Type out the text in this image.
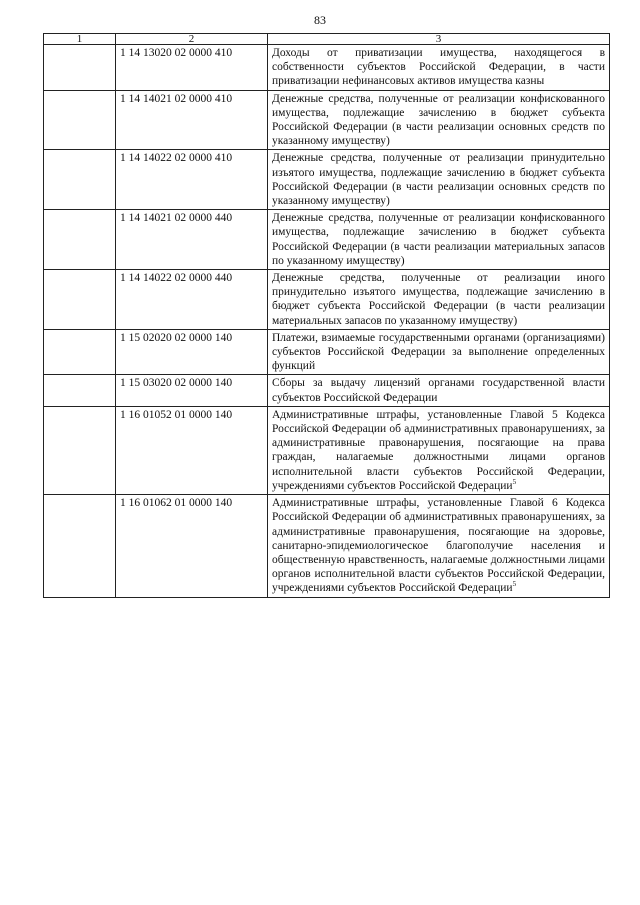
83
1	2	3
	1 14 13020 02 0000 410	Доходы от приватизации имущества, находящегося в собственности субъектов Российской Федерации, в части приватизации нефинансовых активов имущества казны
	1 14 14021 02 0000 410	Денежные средства, полученные от реализации конфискованного имущества, подлежащие зачислению в бюджет субъекта Российской Федерации (в части реализации основных средств по указанному имуществу)
	1 14 14022 02 0000 410	Денежные средства, полученные от реализации принудительно изъятого имущества, подлежащие зачислению в бюджет субъекта Российской Федерации (в части реализации основных средств по указанному имуществу)
	1 14 14021 02 0000 440	Денежные средства, полученные от реализации конфискованного имущества, подлежащие зачислению в бюджет субъекта Российской Федерации (в части реализации материальных запасов по указанному имуществу)
	1 14 14022 02 0000 440	Денежные средства, полученные от реализации иного принудительно изъятого имущества, подлежащие зачислению в бюджет субъекта Российской Федерации (в части реализации материальных запасов по указанному имуществу)
	1 15 02020 02 0000 140	Платежи, взимаемые государственными органами (организациями) субъектов Российской Федерации за выполнение определенных функций
	1 15 03020 02 0000 140	Сборы за выдачу лицензий органами государственной власти субъектов Российской Федерации
	1 16 01052 01 0000 140	Административные штрафы, установленные Главой 5 Кодекса Российской Федерации об административных правонарушениях, за административные правонарушения, посягающие на права граждан, налагаемые должностными лицами органов исполнительной власти субъектов Российской Федерации, учреждениями субъектов Российской Федерации$^5$
	1 16 01062 01 0000 140	Административные штрафы, установленные Главой 6 Кодекса Российской Федерации об административных правонарушениях, за административные правонарушения, посягающие на здоровье, санитарно-эпидемиологическое благополучие населения и общественную нравственность, налагаемые должностными лицами органов исполнительной власти субъектов Российской Федерации, учреждениями субъектов Российской Федерации$^5$
